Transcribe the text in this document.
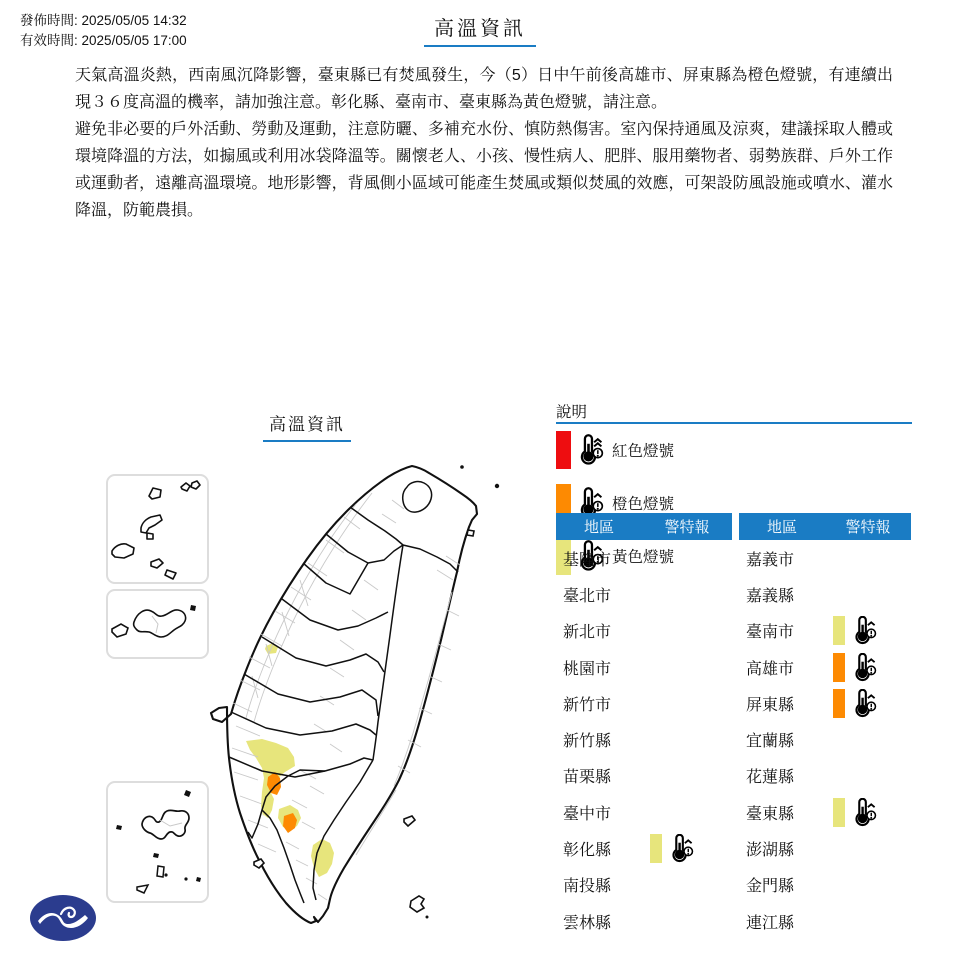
發佈時間: 2025/05/05 14:32
有效時間: 2025/05/05 17:00
高溫資訊

天氣高溫炎熱，西南風沉降影響，臺東縣已有焚風發生，今（5）日中午前後高雄市、屏東縣為橙色燈號，有連續出現３６度高溫的機率，請加強注意。彰化縣、臺南市、臺東縣為黃色燈號，請注意。

避免非必要的戶外活動、勞動及運動，注意防曬、多補充水份、慎防熱傷害。室內保持通風及涼爽，建議採取人體或環境降溫的方法，如搧風或利用冰袋降溫等。關懷老人、小孩、慢性病人、肥胖、服用藥物者、弱勢族群、戶外工作或運動者，遠離高溫環境。地形影響，背風側小區域可能產生焚風或類似焚風的效應，可架設防風設施或噴水、灌水降溫，防範農損。

高溫資訊
說明
紅色燈號
橙色燈號
黃色燈號
地區	警特報
基隆市
臺北市
新北市
桃園市
新竹市
新竹縣
苗栗縣
臺中市
彰化縣
南投縣
雲林縣
地區	警特報
嘉義市
嘉義縣
臺南市
高雄市
屏東縣
宜蘭縣
花蓮縣
臺東縣
澎湖縣
金門縣
連江縣
